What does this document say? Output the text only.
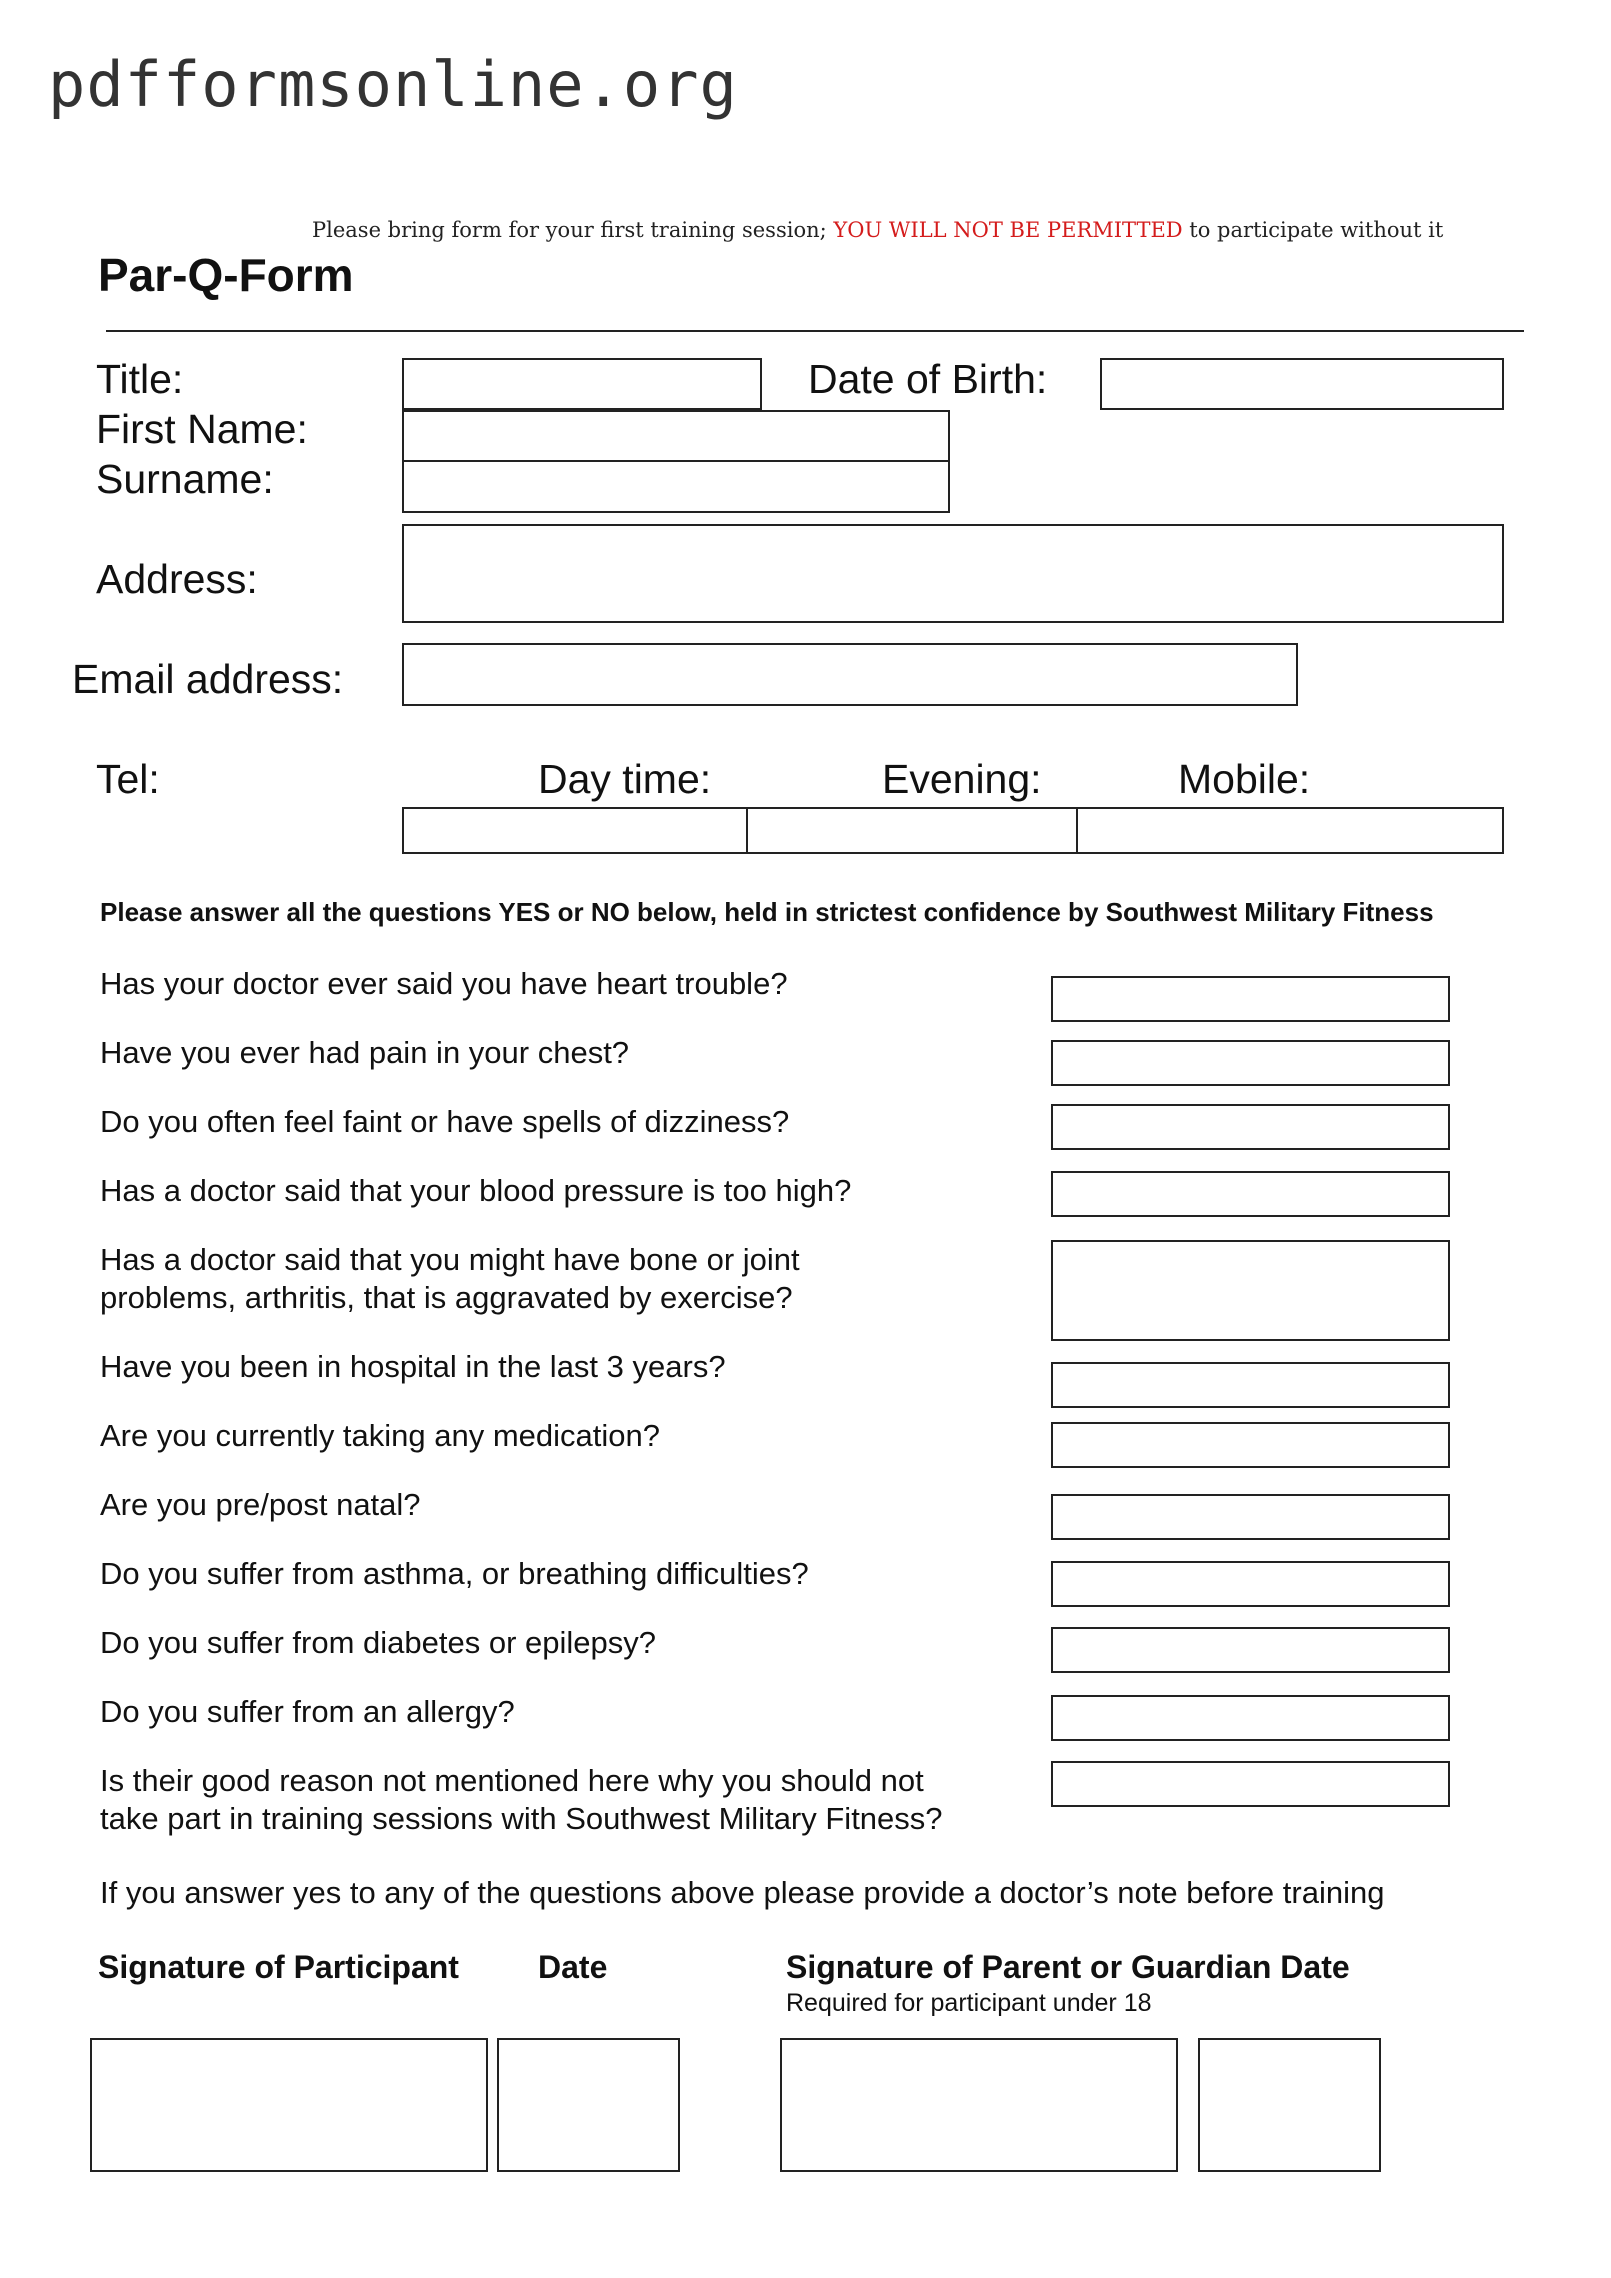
pdfformsonline.org
Please bring form for your first training session; YOU WILL NOT BE PERMITTED to participate without it
Par-Q-Form
Title:	Date of Birth:
First Name:
Surname:
Address:
Email address:
Tel:	Day time:	Evening:	Mobile:
Please answer all the questions YES or NO below, held in strictest confidence by Southwest Military Fitness
Has your doctor ever said you have heart trouble?
Have you ever had pain in your chest?
Do you often feel faint or have spells of dizziness?
Has a doctor said that your blood pressure is too high?
Has a doctor said that you might have bone or joint
problems, arthritis, that is aggravated by exercise?
Have you been in hospital in the last 3 years?
Are you currently taking any medication?
Are you pre/post natal?
Do you suffer from asthma, or breathing difficulties?
Do you suffer from diabetes or epilepsy?
Do you suffer from an allergy?
Is their good reason not mentioned here why you should not
take part in training sessions with Southwest Military Fitness?
If you answer yes to any of the questions above please provide a doctor’s note before training
Signature of Participant Date	Signature of Parent or Guardian Date
Required for participant under 18
